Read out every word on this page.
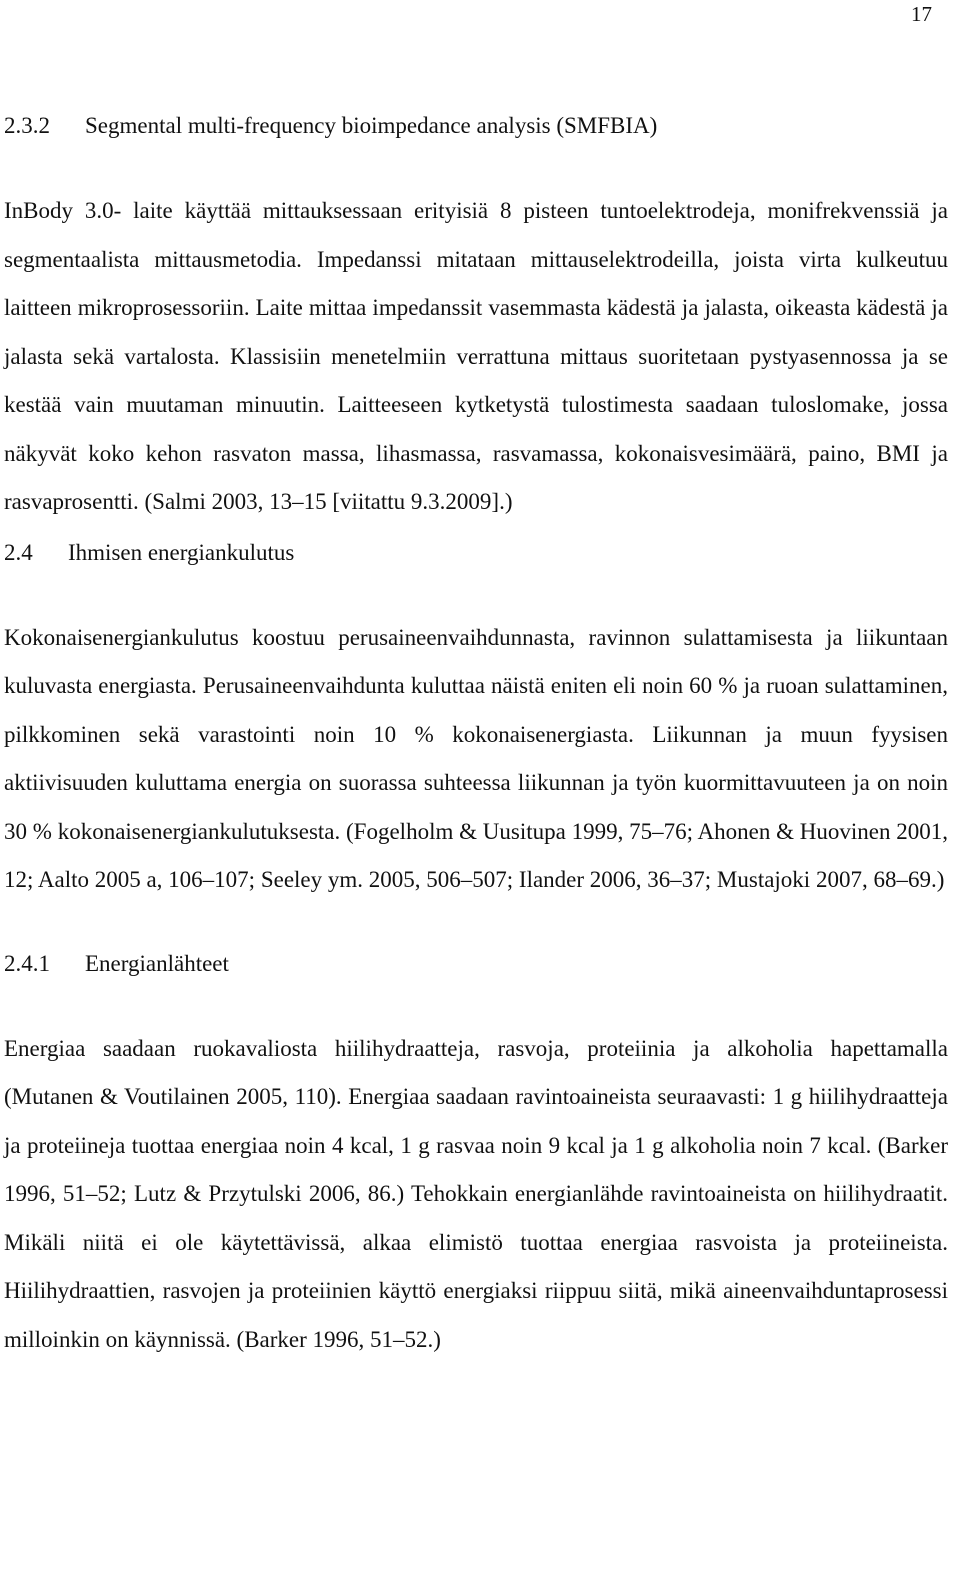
17
2.3.2	Segmental multi-frequency bioimpedance analysis (SMFBIA)

InBody 3.0- laite käyttää mittauksessaan erityisiä 8 pisteen tuntoelektrodeja, monifrekvenssiä ja segmentaalista mittausmetodia. Impedanssi mitataan mittauselektrodeilla, joista virta kulkeutuu laitteen mikroprosessoriin. Laite mittaa impedanssit vasemmasta kädestä ja jalasta, oikeasta kädestä ja jalasta sekä vartalosta. Klassisiin menetelmiin verrattuna mittaus suoritetaan pystyasennossa ja se kestää vain muutaman minuutin. Laitteeseen kytketystä tulostimesta saadaan tuloslomake, jossa näkyvät koko kehon rasvaton massa, lihasmassa, rasvamassa, kokonaisvesimäärä, paino, BMI ja rasvaprosentti. (Salmi 2003, 13–15 [viitattu 9.3.2009].)

2.4	Ihmisen energiankulutus

Kokonaisenergiankulutus koostuu perusaineenvaihdunnasta, ravinnon sulattamisesta ja liikuntaan kuluvasta energiasta. Perusaineenvaihdunta kuluttaa näistä eniten eli noin 60 % ja ruoan sulattaminen, pilkkominen sekä varastointi noin 10 % kokonaisenergiasta. Liikunnan ja muun fyysisen aktiivisuuden kuluttama energia on suorassa suhteessa liikunnan ja työn kuormittavuuteen ja on noin 30 % kokonaisenergiankulutuksesta. (Fogelholm & Uusitupa 1999, 75–76; Ahonen & Huovinen 2001, 12; Aalto 2005 a, 106–107; Seeley ym. 2005, 506–507; Ilander 2006, 36–37; Mustajoki 2007, 68–69.)

2.4.1	Energianlähteet

Energiaa saadaan ruokavaliosta hiilihydraatteja, rasvoja, proteiinia ja alkoholia hapettamalla (Mutanen & Voutilainen 2005, 110). Energiaa saadaan ravintoaineista seuraavasti: 1 g hiilihydraatteja ja proteiineja tuottaa energiaa noin 4 kcal, 1 g rasvaa noin 9 kcal ja 1 g alkoholia noin 7 kcal. (Barker 1996, 51–52; Lutz & Przytulski 2006, 86.) Tehokkain energianlähde ravintoaineista on hiilihydraatit. Mikäli niitä ei ole käytettävissä, alkaa elimistö tuottaa energiaa rasvoista ja proteiineista. Hiilihydraattien, rasvojen ja proteiinien käyttö energiaksi riippuu siitä, mikä aineenvaihduntaprosessi milloinkin on käynnissä. (Barker 1996, 51–52.)
